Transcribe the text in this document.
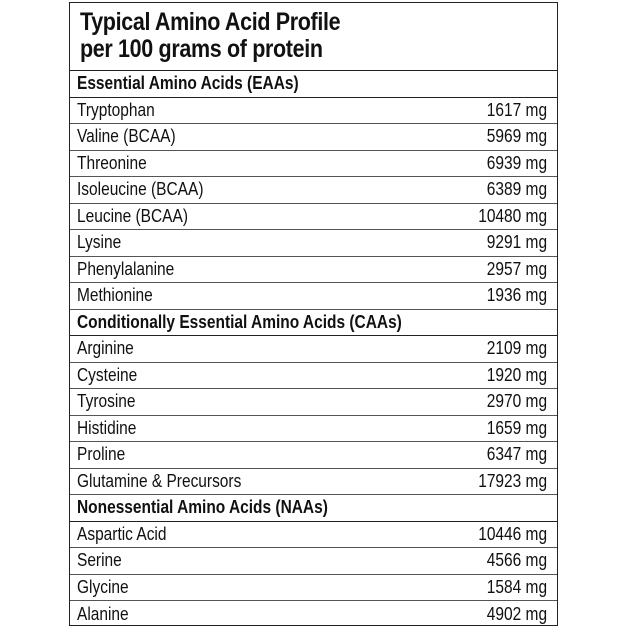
Typical Amino Acid Profile
per 100 grams of protein
Essential Amino Acids (EAAs)
Tryptophan	1617 mg
Valine (BCAA)	5969 mg
Threonine	6939 mg
Isoleucine (BCAA)	6389 mg
Leucine (BCAA)	10480 mg
Lysine	9291 mg
Phenylalanine	2957 mg
Methionine	1936 mg
Conditionally Essential Amino Acids (CAAs)
Arginine	2109 mg
Cysteine	1920 mg
Tyrosine	2970 mg
Histidine	1659 mg
Proline	6347 mg
Glutamine & Precursors	17923 mg
Nonessential Amino Acids (NAAs)
Aspartic Acid	10446 mg
Serine	4566 mg
Glycine	1584 mg
Alanine	4902 mg
